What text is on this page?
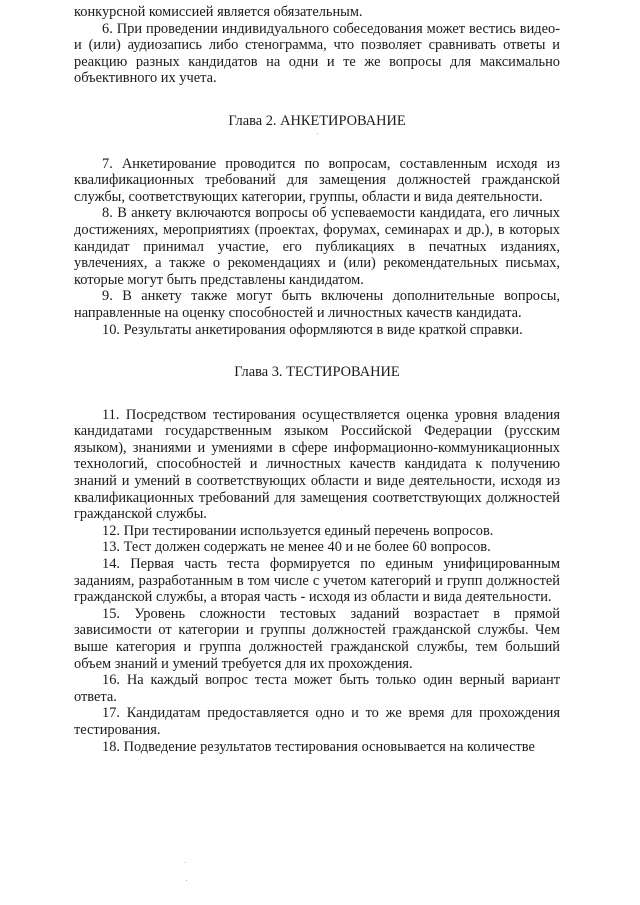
конкурсной комиссией является обязательным.

6. При проведении индивидуального собеседования может вестись видео- и (или) аудиозапись либо стенограмма, что позволяет сравнивать ответы и реакцию разных кандидатов на одни и те же вопросы для максимально объективного их учета.

Глава 2. АНКЕТИРОВАНИЕ

7. Анкетирование проводится по вопросам, составленным исходя из квалификационных требований для замещения должностей гражданской службы, соответствующих категории, группы, области и вида деятельности.

8. В анкету включаются вопросы об успеваемости кандидата, его личных достижениях, мероприятиях (проектах, форумах, семинарах и др.), в которых кандидат принимал участие, его публикациях в печатных изданиях, увлечениях, а также о рекомендациях и (или) рекомендательных письмах, которые могут быть представлены кандидатом.

9. В анкету также могут быть включены дополнительные вопросы, направленные на оценку способностей и личностных качеств кандидата.

10. Результаты анкетирования оформляются в виде краткой справки.

Глава 3. ТЕСТИРОВАНИЕ

11. Посредством тестирования осуществляется оценка уровня владения кандидатами государственным языком Российской Федерации (русским языком), знаниями и умениями в сфере информационно-коммуникационных технологий, способностей и личностных качеств кандидата к получению знаний и умений в соответствующих области и виде деятельности, исходя из квалификационных требований для замещения соответствующих должностей гражданской службы.

12. При тестировании используется единый перечень вопросов.

13. Тест должен содержать не менее 40 и не более 60 вопросов.

14. Первая часть теста формируется по единым унифицированным заданиям, разработанным в том числе с учетом категорий и групп должностей гражданской службы, а вторая часть - исходя из области и вида деятельности.

15. Уровень сложности тестовых заданий возрастает в прямой зависимости от категории и группы должностей гражданской службы. Чем выше категория и группа должностей гражданской службы, тем больший объем знаний и умений требуется для их прохождения.

16. На каждый вопрос теста может быть только один верный вариант ответа.

17. Кандидатам предоставляется одно и то же время для прохождения тестирования.

18. Подведение результатов тестирования основывается на количестве
